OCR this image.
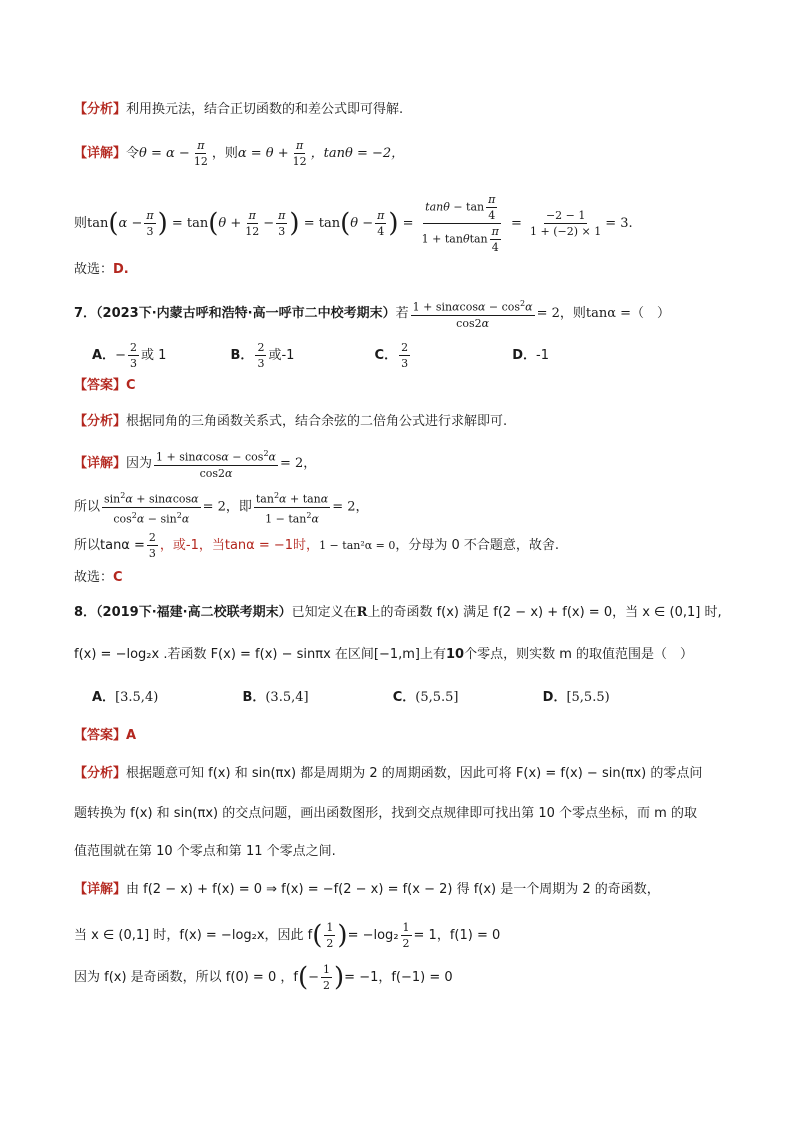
【分析】利用换元法，结合正切函数的和差公式即可得解.
【详解】令$\theta = \alpha - \frac{\pi}{12}$ ，则$\alpha = \theta + \frac{\pi}{12}$ ，tanθ = −2，
则$\tan(\alpha - \frac{\pi}{3}$ ) = $\tan(\theta + \frac{\pi}{12} - \frac{\pi}{3}$ ) = $\tan(\theta - \frac{\pi}{4}$ ) = $\frac{\tan\theta - \tan \frac{\pi}{4}}{1 + \tan\theta\tan \frac{\pi}{4}} = \frac{-2 - 1}{1 + (-2) \times 1} = 3$.
故选：D.
7．（2023下·内蒙古呼和浩特·高一呼市二中校考期末）若 $\frac{1 + \sin\alpha\cos\alpha - \cos^2\alpha}{\cos 2\alpha} = 2$，则tanα =（　）
A．− $\frac{2}{3}$ 或 1	B． $\frac{2}{3}$ 或-1	C． $\frac{2}{3}$	D．-1
【答案】C
【分析】根据同角的三角函数关系式，结合余弦的二倍角公式进行求解即可.
【详解】因为 $\frac{1 + \sin\alpha\cos\alpha - \cos^2\alpha}{\cos 2\alpha} = 2$，
所以 $\frac{\sin^2\alpha + \sin\alpha\cos\alpha}{\cos^2\alpha - \sin^2\alpha} = 2$，即 $\frac{\tan^2\alpha + \tan\alpha}{1 - \tan^2\alpha} = 2$，
所以$\tan\alpha = \frac{2}{3}$ ，或-1，当tanα = −1时，1 − tan²α = 0，分母为 0 不合题意，故舍.
故选：C
8．（2019下·福建·高二校联考期末）已知定义在R上的奇函数 f(x) 满足 f(2 − x) + f(x) = 0，当 x ∈ (0,1] 时,
f(x) = −log₂x .若函数 F(x) = f(x) − sinπx 在区间[−1,m]上有10个零点，则实数 m 的取值范围是（　）
A．[3.5,4)	B．(3.5,4]	C．(5,5.5]	D．[5,5.5)
【答案】A
【分析】根据题意可知 f(x) 和 sin(πx) 都是周期为 2 的周期函数，因此可将 F(x) = f(x) − sin(πx) 的零点问
题转换为 f(x) 和 sin(πx) 的交点问题，画出函数图形，找到交点规律即可找出第 10 个零点坐标，而 m 的取
值范围就在第 10 个零点和第 11 个零点之间.
【详解】由 f(2 − x) + f(x) = 0 ⇒ f(x) = −f(2 − x) = f(x − 2) 得 f(x) 是一个周期为 2 的奇函数，
当 x ∈ (0,1] 时，f(x) = −log₂x，因此 $f( \frac{1}{2}$ )= $-\log_2 \frac{1}{2} = 1$，f(1) = 0
因为 f(x) 是奇函数，所以 f(0) = 0 ，$f(- \frac{1}{2}$ )= −1，f(−1) = 0
